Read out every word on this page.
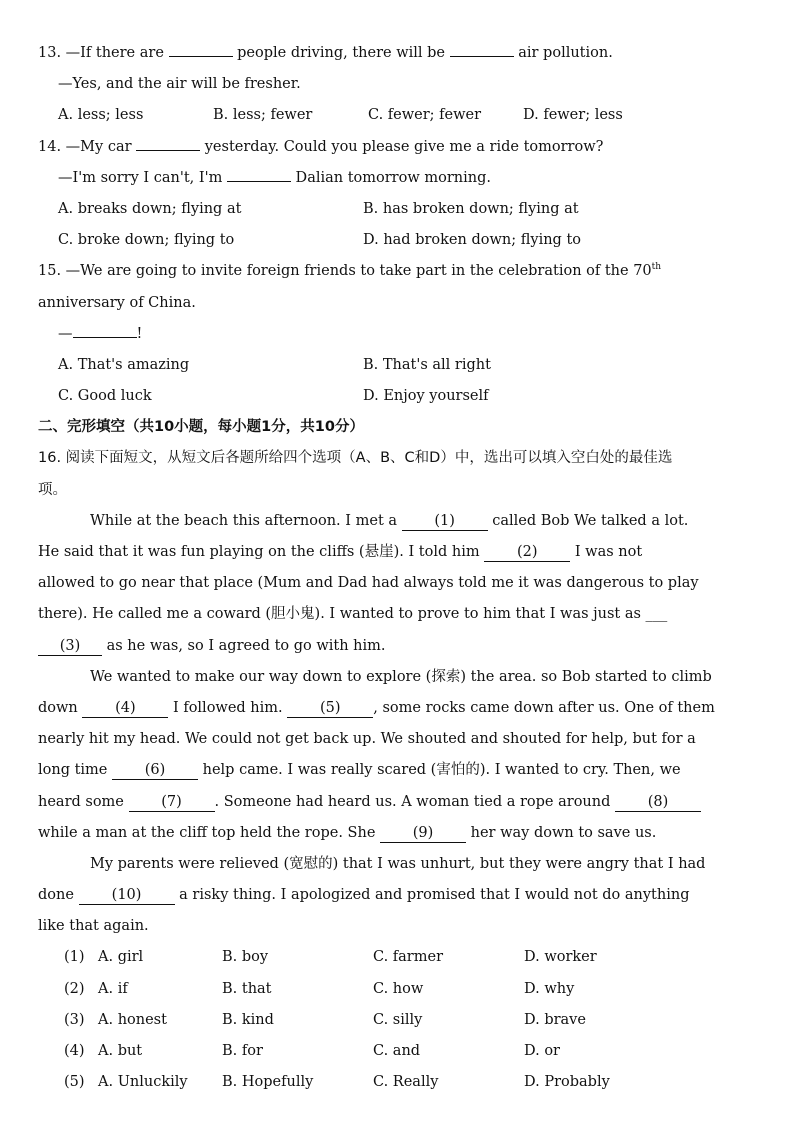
13. —If there are	people driving, there will be	air pollution.
—Yes, and the air will be fresher.
A. less; less	B. less; fewer	C. fewer; fewer	D. fewer; less
14. —My car	yesterday. Could you please give me a ride tomorrow?
—I'm sorry I can't, I'm	Dalian tomorrow morning.
A. breaks down; flying at	B. has broken down; flying at
C. broke down; flying to	D. had broken down; flying to
15. —We are going to invite foreign friends to take part in the celebration of the 70th
anniversary of China.
—	!
A. That's amazing	B. That's all right
C. Good luck	D. Enjoy yourself
二、完形填空（共10小题，每小题1分，共10分）
16. 阅读下面短文，从短文后各题所给四个选项（A、B、C和D）中，选出可以填入空白处的最佳选
项。
While at the beach this afternoon. I met a (1) called Bob We talked a lot.
He said that it was fun playing on the cliffs (悬崖). I told him (2) I was not
allowed to go near that place (Mum and Dad had always told me it was dangerous to play
there). He called me a coward (胆小鬼). I wanted to prove to him that I was just as ___
(3) as he was, so I agreed to go with him.
We wanted to make our way down to explore (探索) the area. so Bob started to climb
down (4) I followed him. (5) , some rocks came down after us. One of them
nearly hit my head. We could not get back up. We shouted and shouted for help, but for a
long time (6) help came. I was really scared (害怕的). I wanted to cry. Then, we
heard some (7) . Someone had heard us. A woman tied a rope around (8)
while a man at the cliff top held the rope. She (9) her way down to save us.
My parents were relieved (宽慰的) that I was unhurt, but they were angry that I had
done (10) a risky thing. I apologized and promised that I would not do anything
like that again.
(1) A. girl	B. boy	C. farmer	D. worker
(2) A. if	B. that	C. how	D. why
(3) A. honest	B. kind	C. silly	D. brave
(4) A. but	B. for	C. and	D. or
(5) A. Unluckily B. Hopefully	C. Really	D. Probably
